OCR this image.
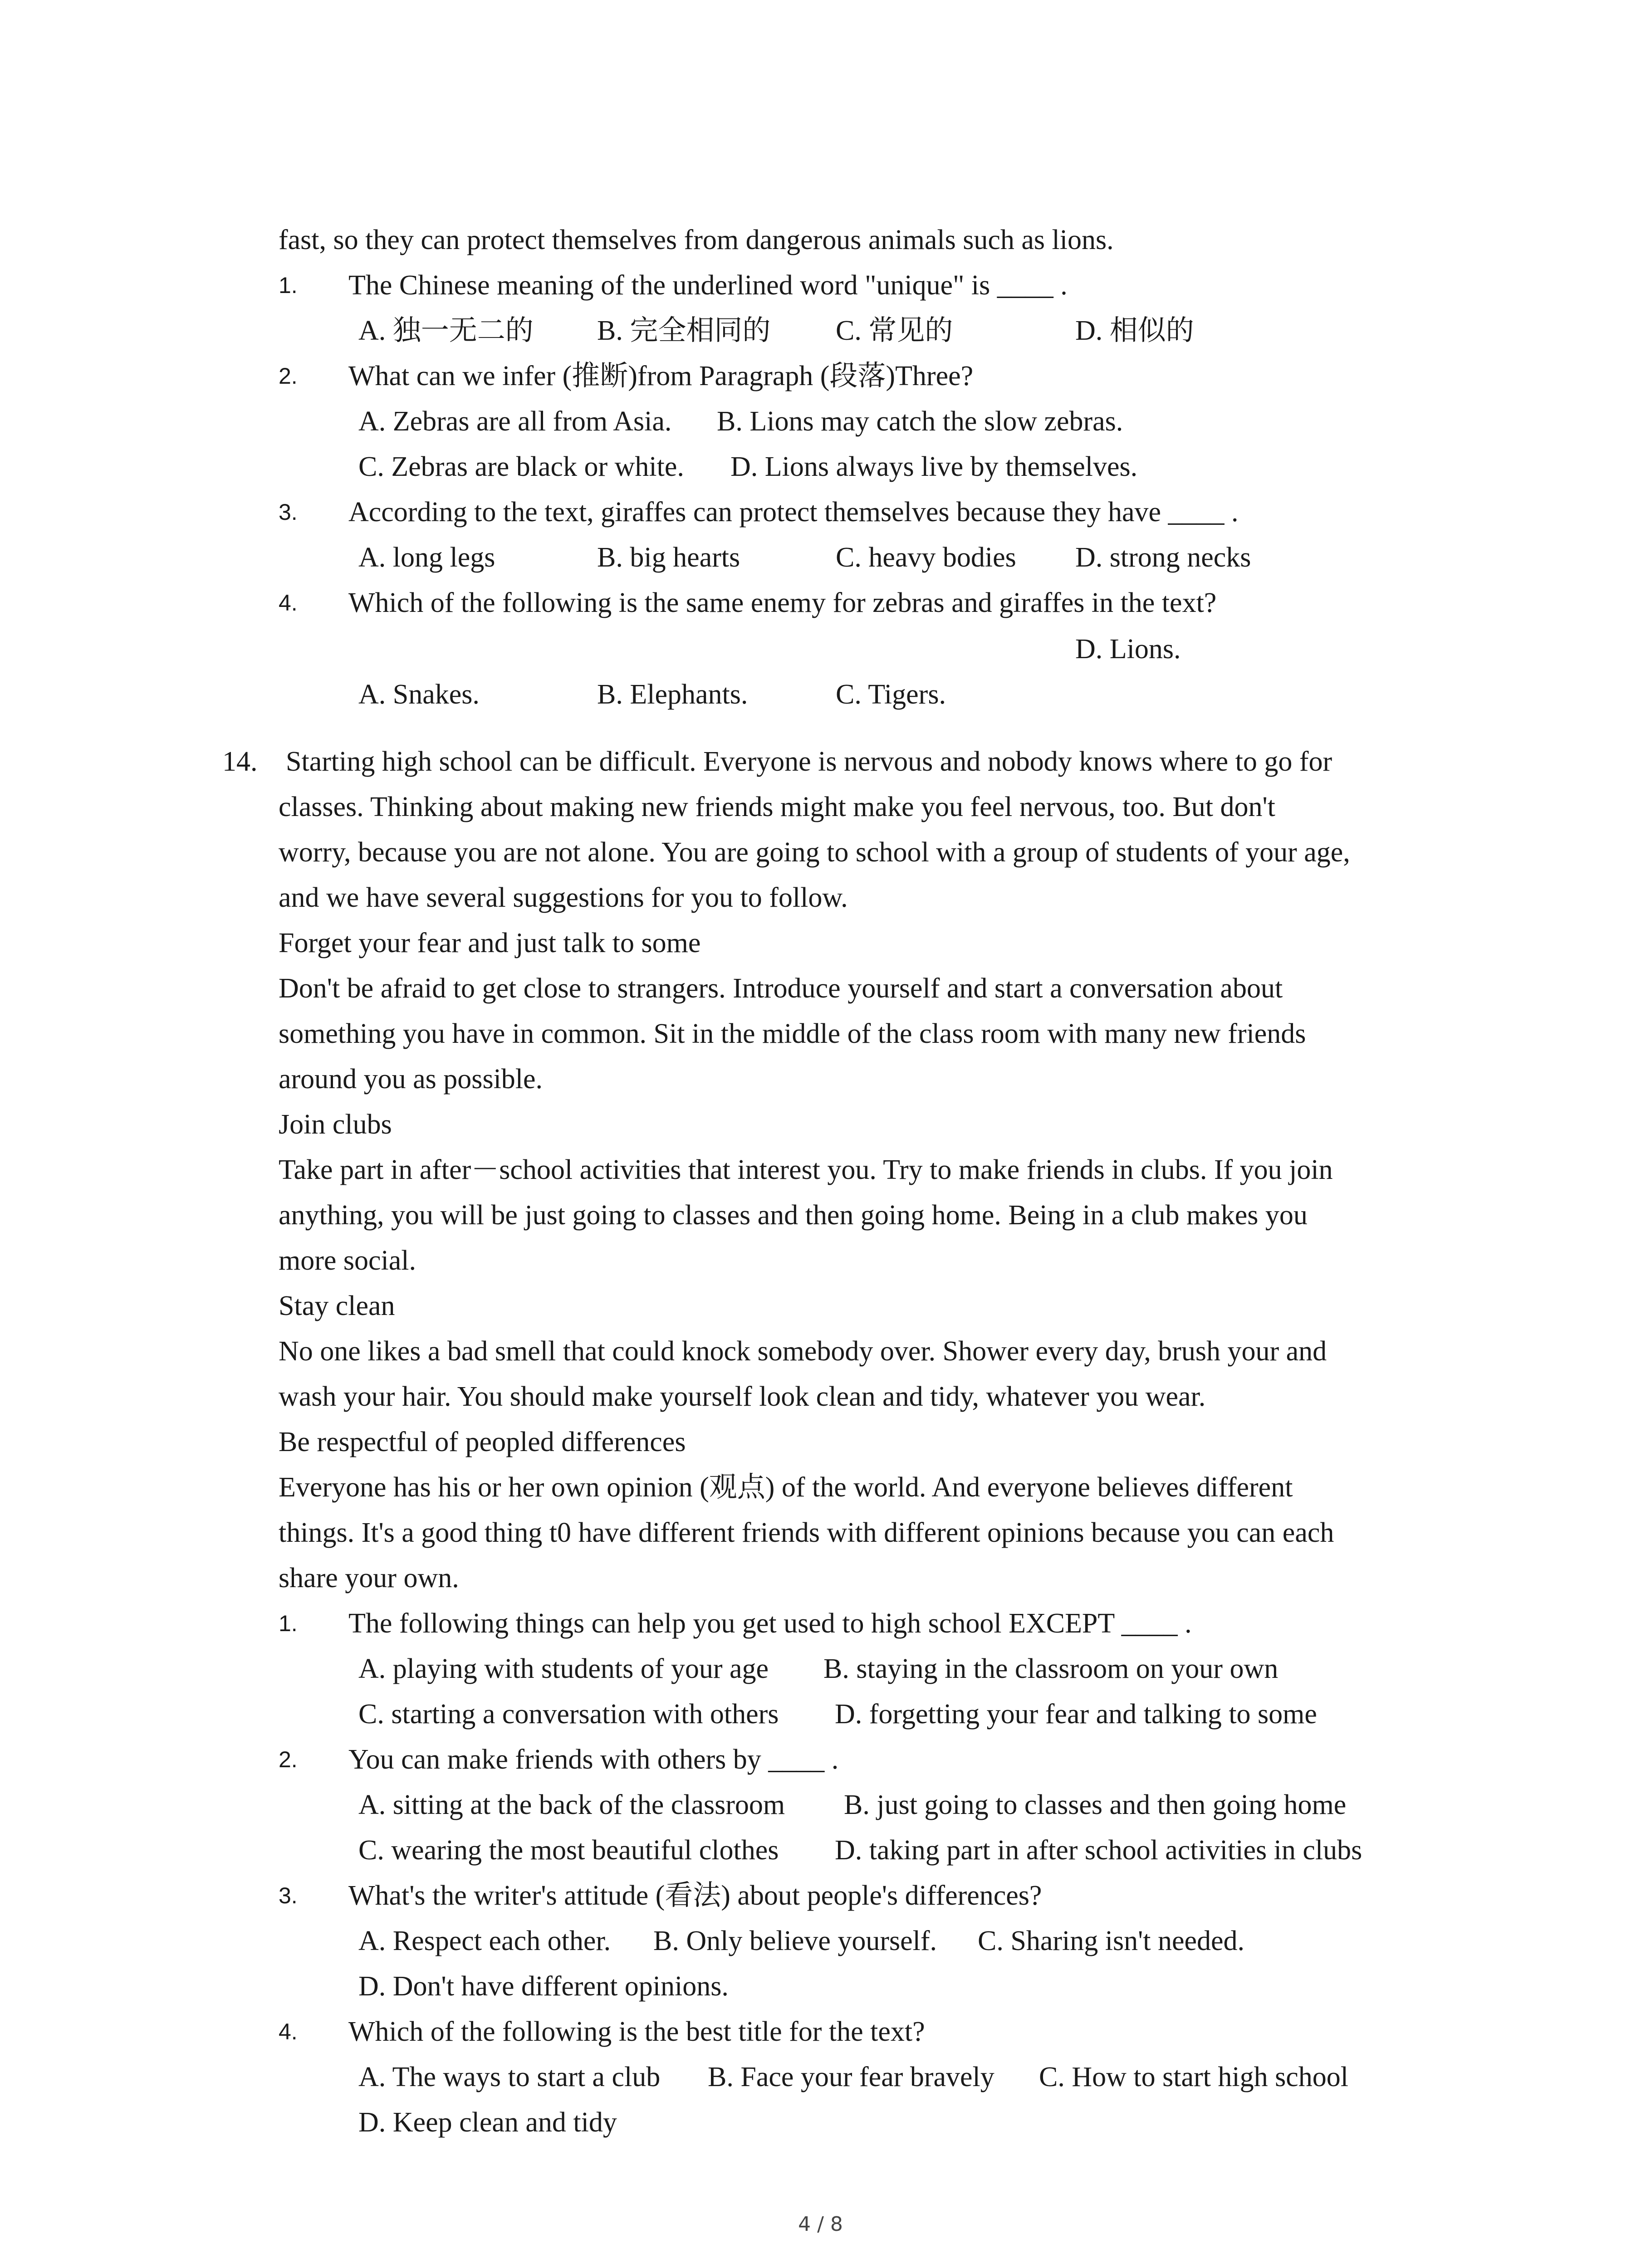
fast, so they can protect themselves from dangerous animals such as lions.
1. The Chinese meaning of the underlined word "unique" is ____ .
A. 独一无二的 B. 完全相同的 C. 常见的	D. 相似的
2. What can we infer (推断)from Paragraph (段落)Three?
A. Zebras are all from Asia. B. Lions may catch the slow zebras.
C. Zebras are black or white. D. Lions always live by themselves.
3. According to the text, giraffes can protect themselves because they have ____ .
A. long legs	B. big hearts	C. heavy bodies D. strong necks
4. Which of the following is the same enemy for zebras and giraffes in the text?
D. Lions.
A. Snakes.	B. Elephants.	C. Tigers.
14. Starting high school can be difficult. Everyone is nervous and nobody knows where to go for
classes. Thinking about making new friends might make you feel nervous, too. But don't
worry, because you are not alone. You are going to school with a group of students of your age,
and we have several suggestions for you to follow.
Forget your fear and just talk to some
Don't be afraid to get close to strangers. Introduce yourself and start a conversation about
something you have in common. Sit in the middle of the class room with many new friends
around you as possible.
Join clubs
Take part in after－school activities that interest you. Try to make friends in clubs. If you join
anything, you will be just going to classes and then going home. Being in a club makes you
more social.
Stay clean
No one likes a bad smell that could knock somebody over. Shower every day, brush your and
wash your hair. You should make yourself look clean and tidy, whatever you wear.
Be respectful of peopled differences
Everyone has his or her own opinion (观点) of the world. And everyone believes different
things. It's a good thing t0 have different friends with different opinions because you can each
share your own.
1. The following things can help you get used to high school EXCEPT ____ .
A. playing with students of your age B. staying in the classroom on your own
C. starting a conversation with others D. forgetting your fear and talking to some
2. You can make friends with others by ____ .
A. sitting at the back of the classroom B. just going to classes and then going home
C. wearing the most beautiful clothes D. taking part in after school activities in clubs
3. What's the writer's attitude (看法) about people's differences?
A. Respect each other. B. Only believe yourself. C. Sharing isn't needed.
D. Don't have different opinions.
4. Which of the following is the best title for the text?
A. The ways to start a club B. Face your fear bravely C. How to start high school
D. Keep clean and tidy
4 / 8
